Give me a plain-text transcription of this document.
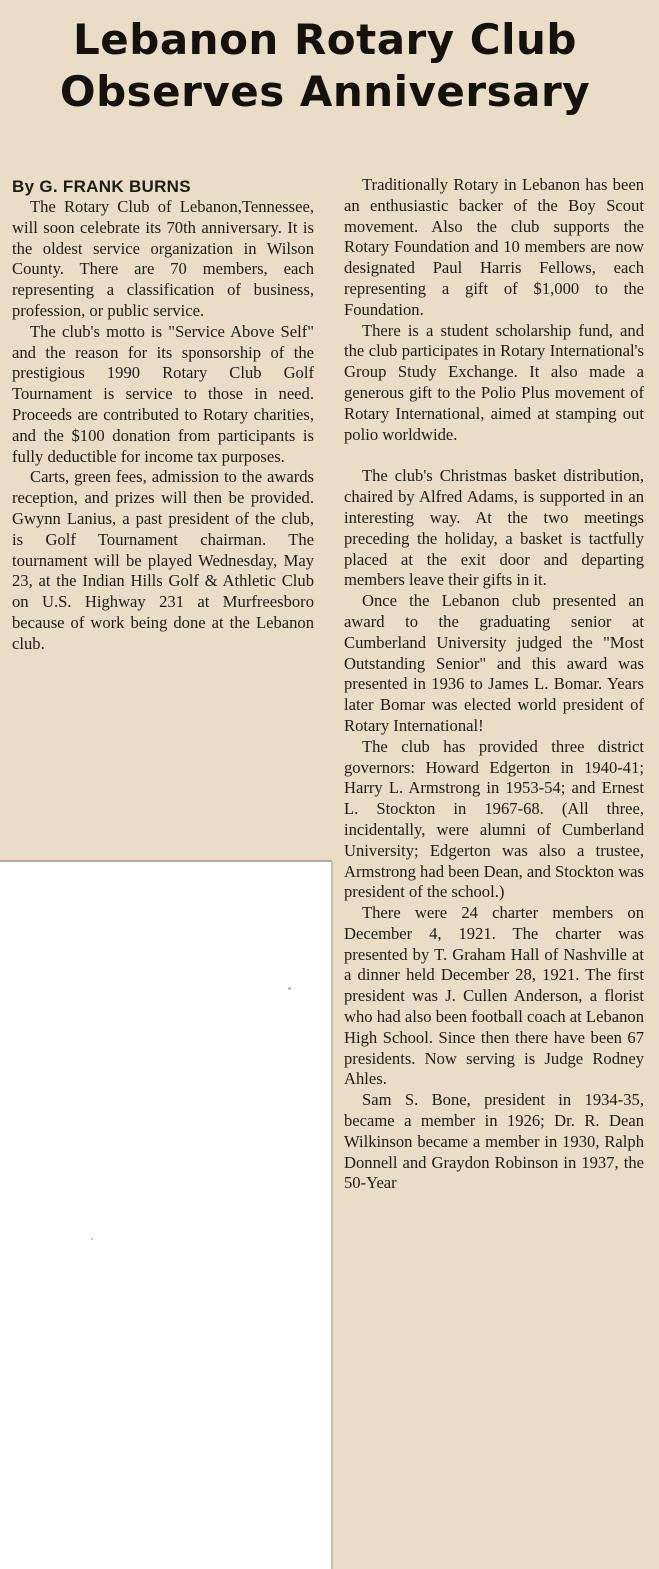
Lebanon Rotary Club
Observes Anniversary
By G. FRANK BURNS

The Rotary Club of Lebanon,Tennessee, will soon celebrate its 70th anniversary. It is the oldest service organization in Wilson County. There are 70 members, each representing a classification of business, profession, or public service.

The club's motto is "Service Above Self" and the reason for its sponsorship of the prestigious 1990 Rotary Club Golf Tournament is service to those in need. Proceeds are contributed to Rotary charities, and the $100 donation from participants is fully deductible for income tax purposes.

Carts, green fees, admission to the awards reception, and prizes will then be provided. Gwynn Lanius, a past president of the club, is Golf Tournament chairman. The tournament will be played Wednesday, May 23, at the Indian Hills Golf & Athletic Club on U.S. Highway 231 at Murfreesboro because of work being done at the Lebanon club.

Traditionally Rotary in Lebanon has been an enthusiastic backer of the Boy Scout movement. Also the club supports the Rotary Foundation and 10 members are now designated Paul Harris Fellows, each representing a gift of $1,000 to the Foundation.

There is a student scholarship fund, and the club participates in Rotary International's Group Study Exchange. It also made a generous gift to the Polio Plus movement of Rotary International, aimed at stamping out polio worldwide.

The club's Christmas basket distribution, chaired by Alfred Adams, is supported in an interesting way. At the two meetings preceding the holiday, a basket is tactfully placed at the exit door and departing members leave their gifts in it.

Once the Lebanon club presented an award to the graduating senior at Cumberland University judged the "Most Outstanding Senior" and this award was presented in 1936 to James L. Bomar. Years later Bomar was elected world president of Rotary International!

The club has provided three district governors: Howard Edgerton in 1940-41; Harry L. Armstrong in 1953-54; and Ernest L. Stockton in 1967-68. (All three, incidentally, were alumni of Cumberland University; Edgerton was also a trustee, Armstrong had been Dean, and Stockton was president of the school.)

There were 24 charter members on December 4, 1921. The charter was presented by T. Graham Hall of Nashville at a dinner held December 28, 1921. The first president was J. Cullen Anderson, a florist who had also been football coach at Lebanon High School. Since then there have been 67 presidents. Now serving is Judge Rodney Ahles.

Sam S. Bone, president in 1934-35, became a member in 1926; Dr. R. Dean Wilkinson became a member in 1930, Ralph Donnell and Graydon Robinson in 1937, the 50-Year
